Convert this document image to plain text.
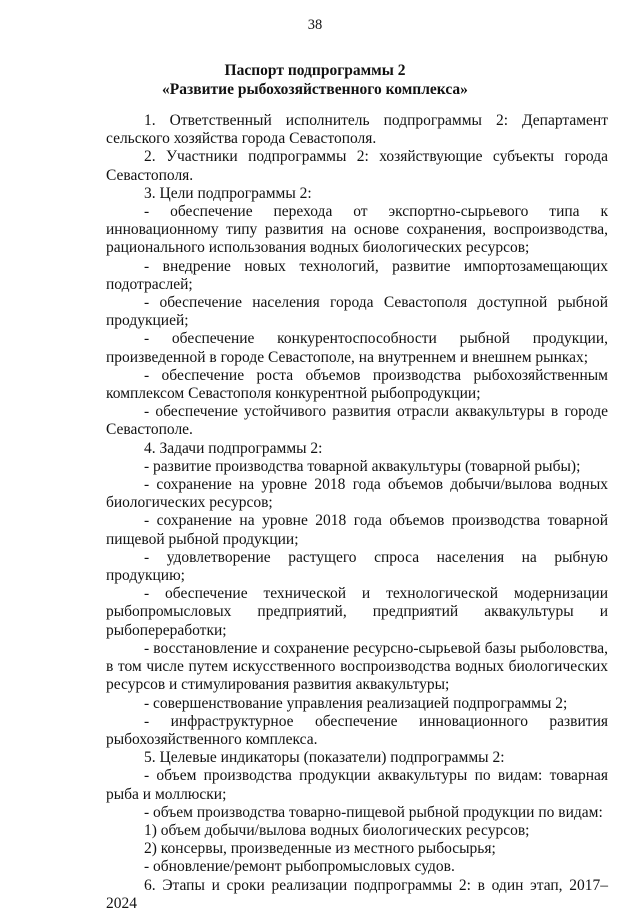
38
Паспорт подпрограммы 2
«Развитие рыбохозяйственного комплекса»
1. Ответственный исполнитель подпрограммы 2: Департамент сельского хозяйства города Севастополя.
2. Участники подпрограммы 2: хозяйствующие субъекты города Севастополя.
3. Цели подпрограммы 2:
- обеспечение перехода от экспортно-сырьевого типа к инновационному типу развития на основе сохранения, воспроизводства, рационального использования водных биологических ресурсов;
- внедрение новых технологий, развитие импортозамещающих подотраслей;
- обеспечение населения города Севастополя доступной рыбной продукцией;
- обеспечение конкурентоспособности рыбной продукции, произведенной в городе Севастополе, на внутреннем и внешнем рынках;
- обеспечение роста объемов производства рыбохозяйственным комплексом Севастополя конкурентной рыбопродукции;
- обеспечение устойчивого развития отрасли аквакультуры в городе Севастополе.
4. Задачи подпрограммы 2:
- развитие производства товарной аквакультуры (товарной рыбы);
- сохранение на уровне 2018 года объемов добычи/вылова водных биологических ресурсов;
- сохранение на уровне 2018 года объемов производства товарной пищевой рыбной продукции;
- удовлетворение растущего спроса населения на рыбную продукцию;
- обеспечение технической и технологической модернизации рыбопромысловых предприятий, предприятий аквакультуры и рыбопереработки;
- восстановление и сохранение ресурсно-сырьевой базы рыболовства, в том числе путем искусственного воспроизводства водных биологических ресурсов и стимулирования развития аквакультуры;
- совершенствование управления реализацией подпрограммы 2;
- инфраструктурное обеспечение инновационного развития рыбохозяйственного комплекса.
5. Целевые индикаторы (показатели) подпрограммы 2:
- объем производства продукции аквакультуры по видам: товарная рыба и моллюски;
- объем производства товарно-пищевой рыбной продукции по видам:
1) объем добычи/вылова водных биологических ресурсов;
2) консервы, произведенные из местного рыбосырья;
- обновление/ремонт рыбопромысловых судов.
6. Этапы и сроки реализации подпрограммы 2: в один этап, 2017–2024
